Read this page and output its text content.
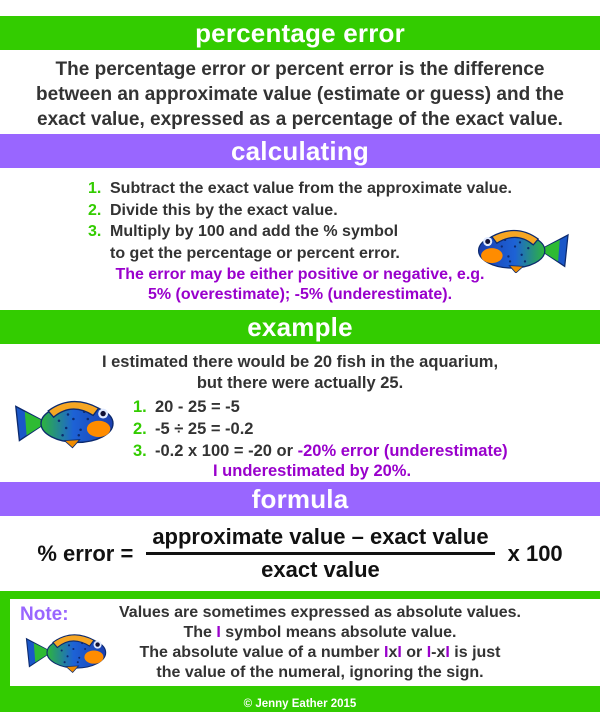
percentage error
The percentage error or percent error is the difference
between an approximate value (estimate or guess) and the
exact value, expressed as a percentage of the exact value.
calculating
1. Subtract the exact value from the approximate value.
2. Divide this by the exact value.
3. Multiply by 100 and add the % symbol
to get the percentage or percent error.
The error may be either positive or negative, e.g.
5% (overestimate); -5% (underestimate).
example
I estimated there would be 20 fish in the aquarium,
but there were actually 25.
1. 20 - 25 = -5
2. -5 ÷ 25 = -0.2
3. -0.2 x 100 = -20 or -20% error (underestimate)
I underestimated by 20%.
formula
% error = $\frac{\text{approximate value – exact value}}{\text{exact value}}$ x 100
Note:	Values are sometimes expressed as absolute values.
The I symbol means absolute value.
The absolute value of a number IxI or I-xI is just
the value of the numeral, ignoring the sign.
© Jenny Eather 2015
